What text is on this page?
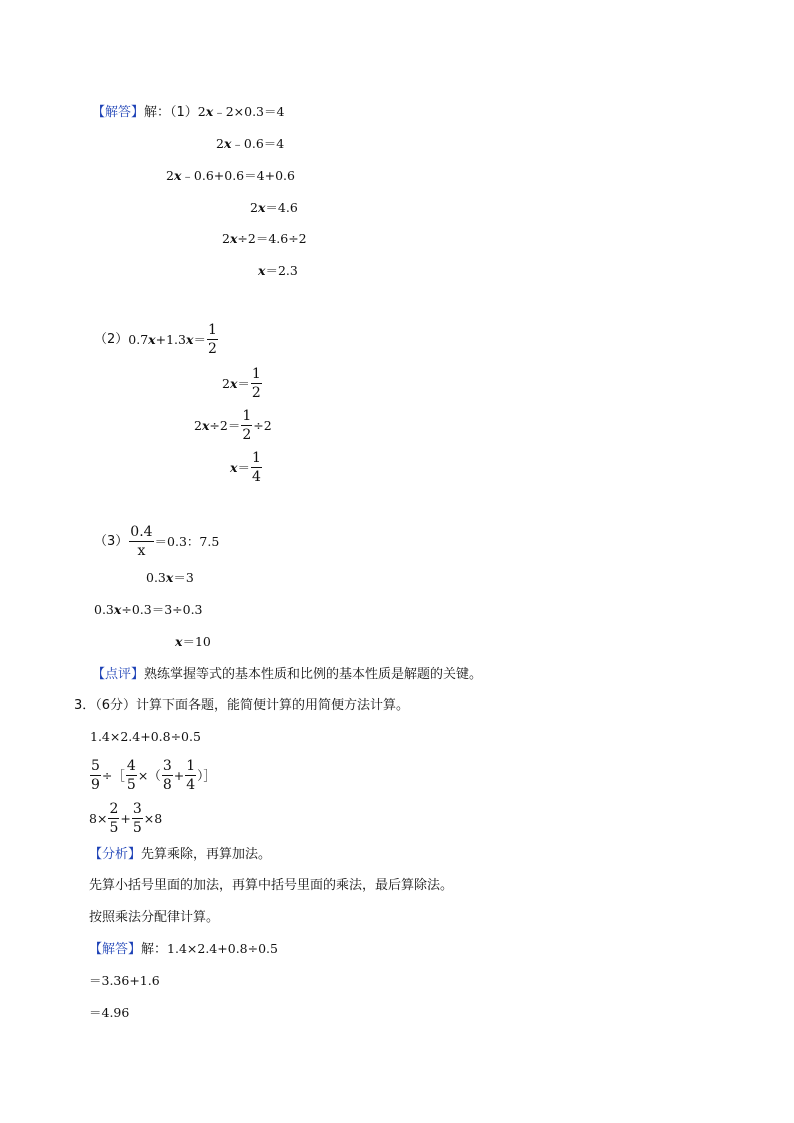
【解答】解：（1）2x﹣2×0.3＝4
2x﹣0.6＝4
2x﹣0.6+0.6＝4+0.6
2x＝4.6
2x÷2＝4.6÷2
x＝2.3
（2） 0.7 x +1.3 $x = \frac{1}{2}$
2 $x = \frac{1}{2}$
2 $x \div 2= \frac{1}{2} \div 2$
$x = \frac{1}{4}$
$(3) \frac{0.4}{x} =0.3$：7.5
0.3x＝3
0.3x÷0.3＝3÷0.3
x＝10
【点评】熟练掌握等式的基本性质和比例的基本性质是解题的关键。
3．（6分）计算下面各题，能简便计算的用简便方法计算。
1.4×2.4+0.8÷0.5
$\frac{5}{9}$ ÷［ $\frac{4}{5}$ ×（ $\frac{3}{8} + \frac{1}{4}$ ）］
$8\times \frac{2}{5} + \frac{3}{5} \times 8$
【分析】先算乘除，再算加法。
先算小括号里面的加法，再算中括号里面的乘法，最后算除法。
按照乘法分配律计算。
【解答】解：1.4×2.4+0.8÷0.5
＝3.36+1.6
＝4.96
